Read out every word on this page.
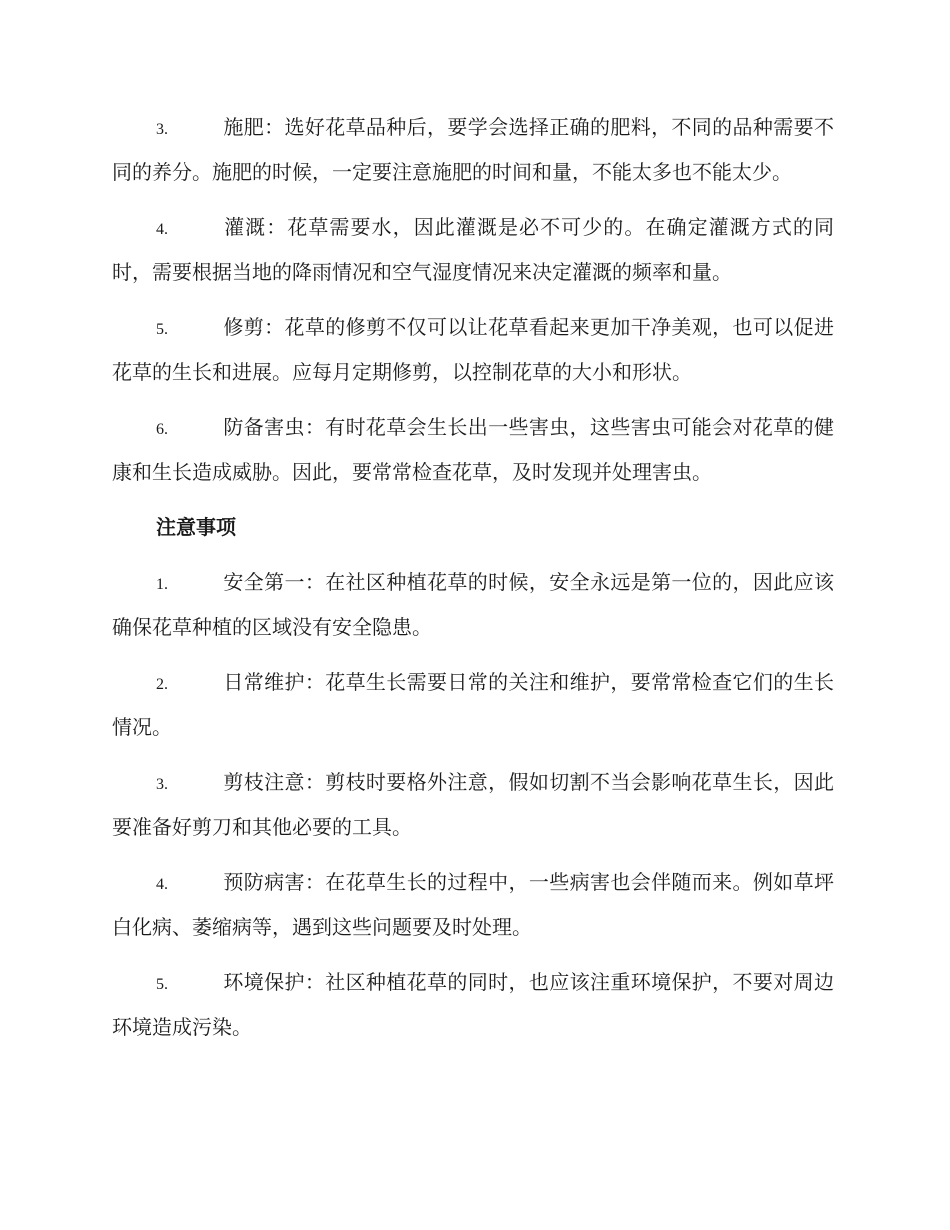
3.	施肥：选好花草品种后，要学会选择正确的肥料，不同的品种需要不同的养分。施肥的时候，一定要注意施肥的时间和量，不能太多也不能太少。

4.	灌溉：花草需要水，因此灌溉是必不可少的。在确定灌溉方式的同时，需要根据当地的降雨情况和空气湿度情况来决定灌溉的频率和量。

5.	修剪：花草的修剪不仅可以让花草看起来更加干净美观，也可以促进花草的生长和进展。应每月定期修剪，以控制花草的大小和形状。

6.	防备害虫：有时花草会生长出一些害虫，这些害虫可能会对花草的健康和生长造成威胁。因此，要常常检查花草，及时发现并处理害虫。

注意事项

1.	安全第一：在社区种植花草的时候，安全永远是第一位的，因此应该确保花草种植的区域没有安全隐患。

2.	日常维护：花草生长需要日常的关注和维护，要常常检查它们的生长情况。

3.	剪枝注意：剪枝时要格外注意，假如切割不当会影响花草生长，因此要准备好剪刀和其他必要的工具。

4.	预防病害：在花草生长的过程中，一些病害也会伴随而来。例如草坪白化病、萎缩病等，遇到这些问题要及时处理。

5.	环境保护：社区种植花草的同时，也应该注重环境保护，不要对周边环境造成污染。
